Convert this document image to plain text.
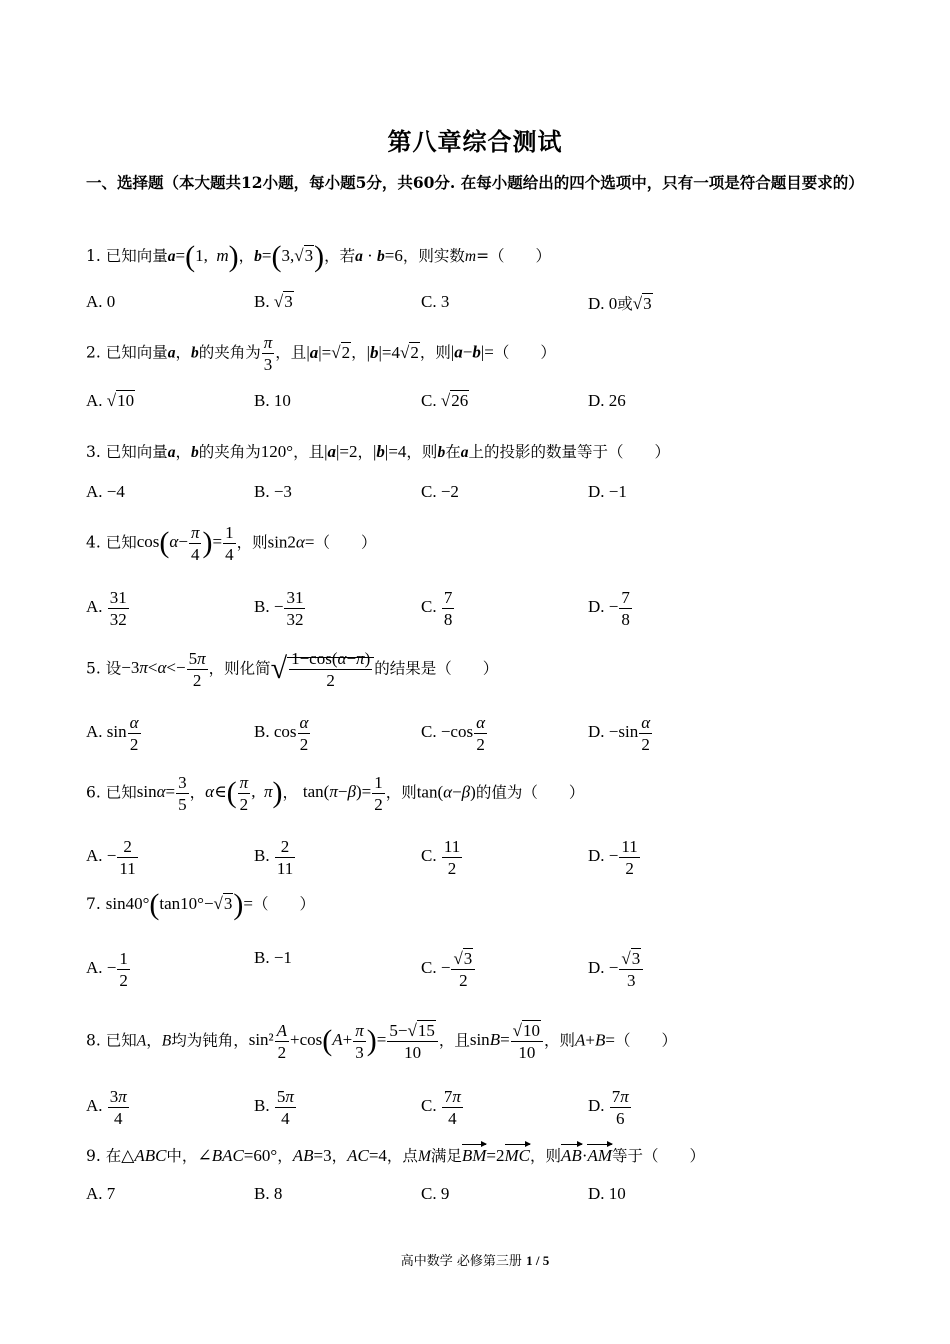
第八章综合测试
一、选择题（本大题共12小题，每小题5分，共60分. 在每小题给出的四个选项中，只有一项是符合题目要求的）
1. 已知向量a=(1,  m)，b=(3,√3)，若a · b=6，则实数m=（　　）
A. 0	B. √3	C. 3	D. 0或√3
2. 已知向量a，b的夹角为 $\frac{\pi}{3}$ ，且|a|=√2，|b|=4√2，则|a−b|=（　　）
A. √10	B. 10	C. √26	D. 26
3. 已知向量a，b的夹角为120°，且|a|=2，|b|=4，则b在a上的投影的数量等于（　　）
A. −4	B. −3	C. −2	D. −1
4. 已知$\cos(\alpha- \frac{\pi}{4}$ )= $\frac{1}{4}$ ，则sin2α=（　　）
A. $\frac{31}{32}$	B. − $\frac{31}{32}$	C. $\frac{7}{8}$	D. − $\frac{7}{8}$
5. 设$-3\pi<\alpha<- \frac{5\pi}{2}$ ，则化简√ $\frac{1-\cos(\alpha-\pi)}{2}$ 的结果是（　　）
A. $\sin \frac{\alpha}{2}$	B. $\cos \frac{\alpha}{2}$	C. $-\cos \frac{\alpha}{2}$	D. $-\sin \frac{\alpha}{2}$
6. 已知$\sin\alpha= \frac{3}{5}$ ，α∈( $\frac{\pi}{2}$ ,  π)， $\tan(\pi-\beta)= \frac{1}{2}$ ，则tan(α−β)的值为（　　）
A. − $\frac{2}{11}$	B. $\frac{2}{11}$	C. $\frac{11}{2}$	D. − $\frac{11}{2}$
7. sin40°(tan10°−√3)=（　　）
A. − $\frac{1}{2}$	B. −1
C. − $\frac{√3}{2}$	D. − $\frac{√3}{3}$
8. 已知A，B均为钝角，$\sin^2 \frac{A}{2} +\cos(A+ \frac{\pi}{3}$ )= $\frac{5-√15}{10}$ ，且$\sin B= \frac{√10}{10}$ ，则A+B=（　　）
A. $\frac{3\pi}{4}$	B. $\frac{5\pi}{4}$	C. $\frac{7\pi}{4}$	D. $\frac{7\pi}{6}$
9. 在△ABC中，∠BAC=60°，AB=3，AC=4，点M满足BM=2MC，则AB·AM等于（　　）
A. 7	B. 8	C. 9	D. 10
高中数学 必修第三册 1 / 5
